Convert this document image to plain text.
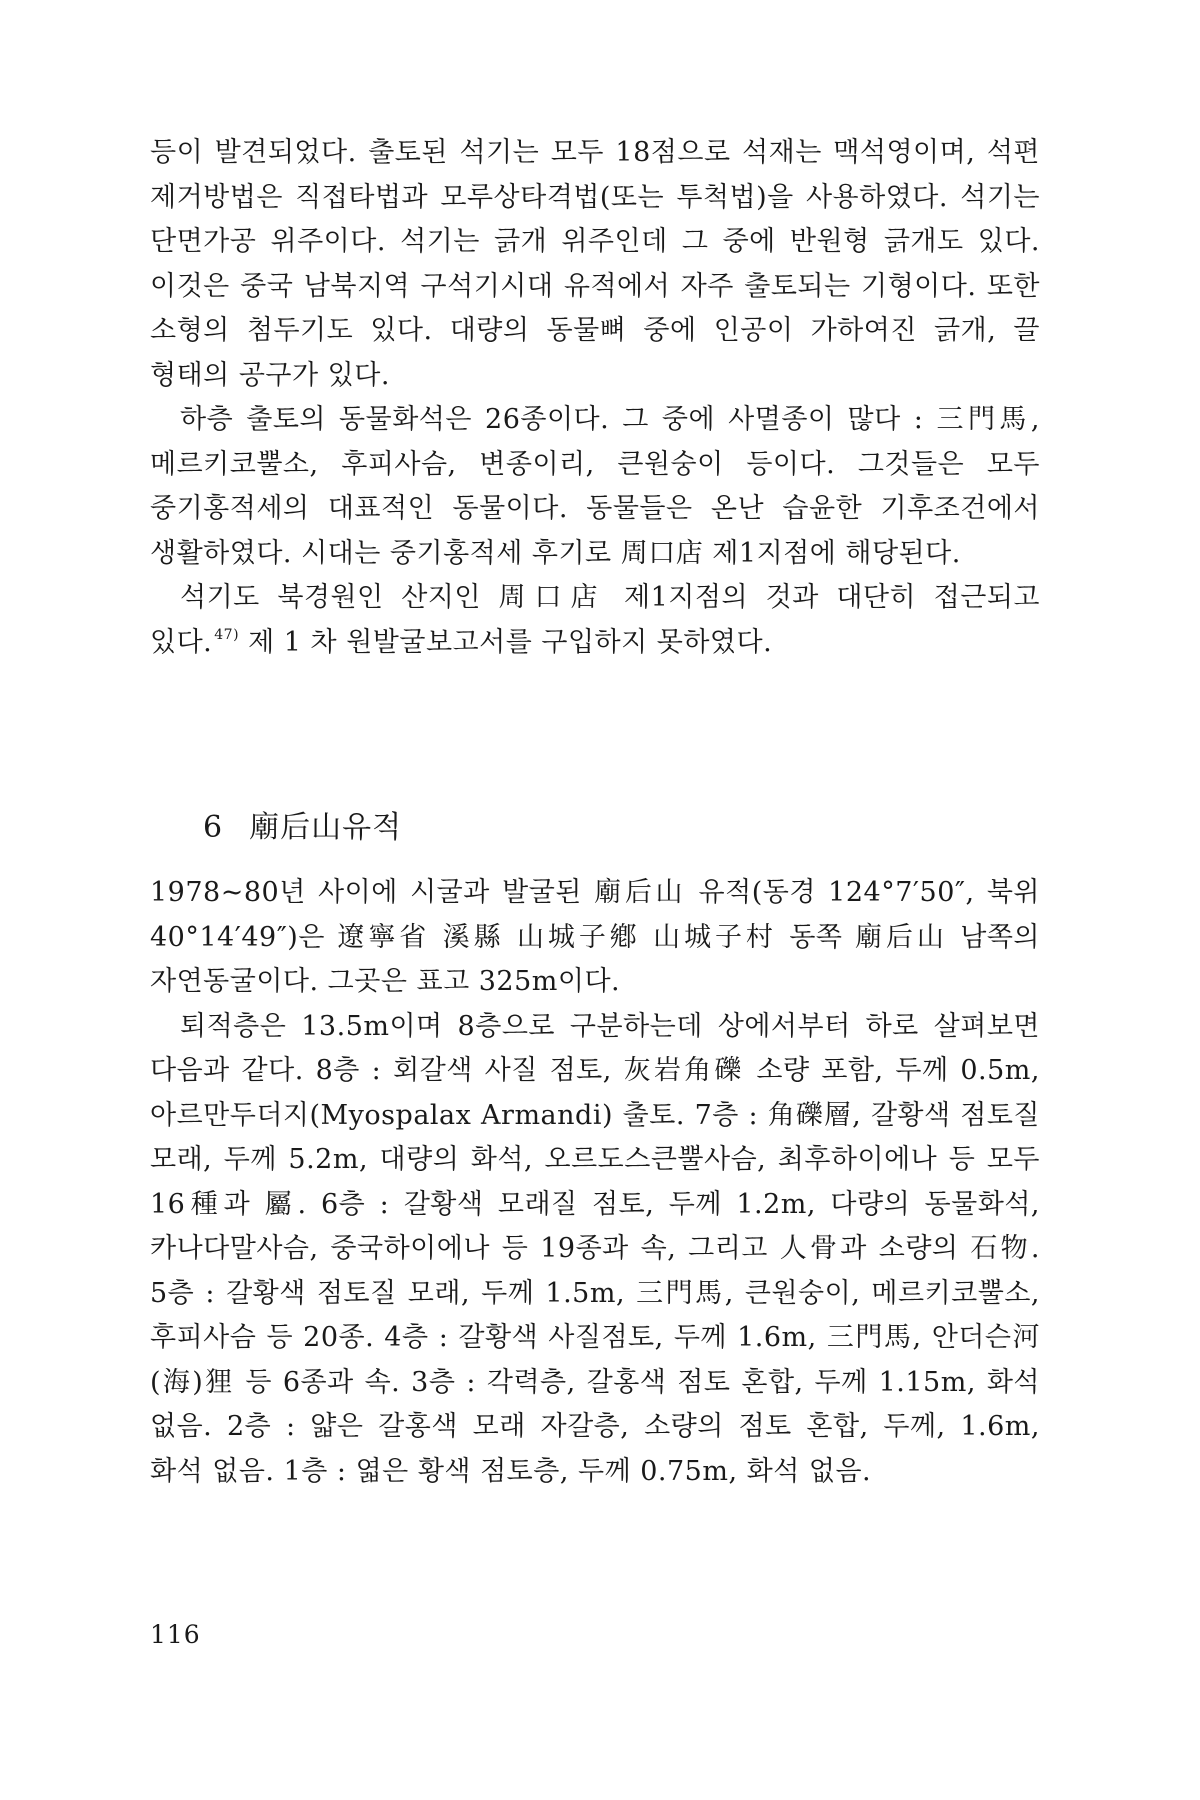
등이 발견되었다. 출토된 석기는 모두 18점으로 석재는 맥석영이며, 석편 제거방법은 직접타법과 모루상타격법(또는 투척법)을 사용하였다. 석기는 단면가공 위주이다. 석기는 긁개 위주인데 그 중에 반원형 긁개도 있다. 이것은 중국 남북지역 구석기시대 유적에서 자주 출토되는 기형이다. 또한 소형의 첨두기도 있다. 대량의 동물뼈 중에 인공이 가하여진 긁개, 끌 형태의 공구가 있다.

하층 출토의 동물화석은 26종이다. 그 중에 사멸종이 많다 : 三門馬, 메르키코뿔소, 후피사슴, 변종이리, 큰원숭이 등이다. 그것들은 모두 중기홍적세의 대표적인 동물이다. 동물들은 온난 습윤한 기후조건에서 생활하였다. 시대는 중기홍적세 후기로 周口店 제1지점에 해당된다.

석기도 북경원인 산지인 周口店 제1지점의 것과 대단히 접근되고 있다. $^{47)}$ 제 1 차 원발굴보고서를 구입하지 못하였다.

6 廟后山유적

1978~80년 사이에 시굴과 발굴된 廟后山 유적(동경 124°7′50″, 북위 40°14′49″)은 遼寧省 溪縣 山城子鄕 山城子村 동쪽 廟后山 남쪽의 자연동굴이다. 그곳은 표고 325m이다.

퇴적층은 13.5m이며 8층으로 구분하는데 상에서부터 하로 살펴보면 다음과 같다. 8층 : 회갈색 사질 점토, 灰岩角礫 소량 포함, 두께 0.5m, 아르만두더지(Myospalax Armandi) 출토. 7층 : 角礫層, 갈황색 점토질 모래, 두께 5.2m, 대량의 화석, 오르도스큰뿔사슴, 최후하이에나 등 모두 16種과 屬. 6층 : 갈황색 모래질 점토, 두께 1.2m, 다량의 동물화석, 카나다말사슴, 중국하이에나 등 19종과 속, 그리고 人骨과 소량의 石物. 5층 : 갈황색 점토질 모래, 두께 1.5m, 三門馬, 큰원숭이, 메르키코뿔소, 후피사슴 등 20종. 4층 : 갈황색 사질점토, 두께 1.6m, 三門馬, 안더슨河(海)狸 등 6종과 속. 3층 : 각력층, 갈홍색 점토 혼합, 두께 1.15m, 화석 없음. 2층 : 얇은 갈홍색 모래 자갈층, 소량의 점토 혼합, 두께, 1.6m, 화석 없음. 1층 : 엷은 황색 점토층, 두께 0.75m, 화석 없음.

116
